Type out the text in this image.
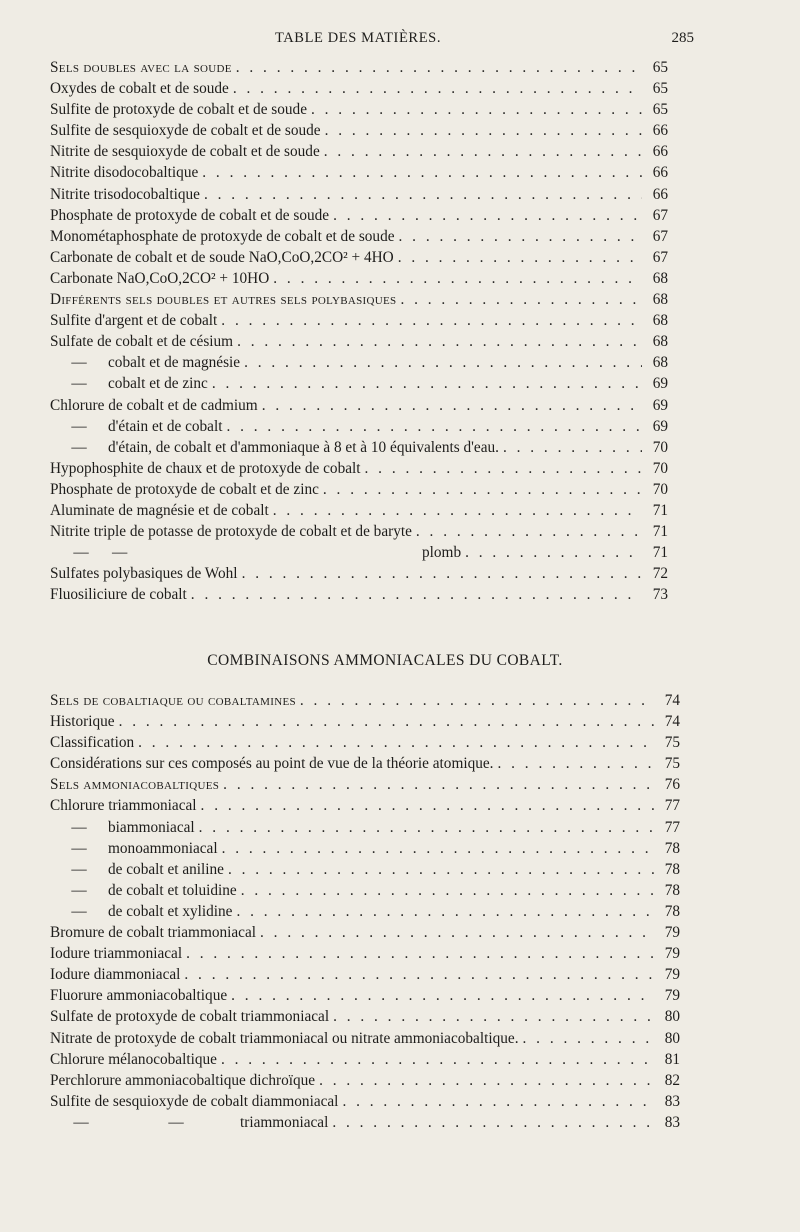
TABLE DES MATIÈRES.	285
Sels doubles avec la soude . . .	65
Oxydes de cobalt et de soude . . .	65
Sulfite de protoxyde de cobalt et de soude . . .	65
Sulfite de sesquioxyde de cobalt et de soude . . .	66
Nitrite de sesquioxyde de cobalt et de soude . . .	66
Nitrite disodocobaltique . . .	66
Nitrite trisodocobaltique . . .	66
Phosphate de protoxyde de cobalt et de soude . . .	67
Monométaphosphate de protoxyde de cobalt et de soude . . .	67
Carbonate de cobalt et de soude NaO,CoO,2CO² + 4HO . . .	67
Carbonate NaO,CoO,2CO² + 10HO . . .	68
Différents sels doubles et autres sels polybasiques . . .	68
Sulfite d'argent et de cobalt . . .	68
Sulfate de cobalt et de césium . . .	68
—	cobalt et de magnésie . . .	68
—	cobalt et de zinc . . .	69
Chlorure de cobalt et de cadmium . . .	69
—	d'étain et de cobalt . . .	69
—	d'étain, de cobalt et d'ammoniaque à 8 et à 10 équivalents d'eau. . . .	70
Hypophosphite de chaux et de protoxyde de cobalt . . .	70
Phosphate de protoxyde de cobalt et de zinc . . .	70
Aluminate de magnésie et de cobalt . . .	71
Nitrite triple de potasse de protoxyde de cobalt et de baryte . . .	71
—	—	plomb . . .	71
Sulfates polybasiques de Wohl . . .	72
Fluosiliciure de cobalt . . .	73
COMBINAISONS AMMONIACALES DU COBALT.
Sels de cobaltiaque ou cobaltamines . . .	74
Historique . . .	74
Classification . . .	75
Considérations sur ces composés au point de vue de la théorie atomique. . . .	75
Sels ammoniacobaltiques . . .	76
Chlorure triammoniacal . . .	77
—	biammoniacal . . .	77
—	monoammoniacal . . .	78
—	de cobalt et aniline . . .	78
—	de cobalt et toluidine . . .	78
—	de cobalt et xylidine . . .	78
Bromure de cobalt triammoniacal . . .	79
Iodure triammoniacal . . .	79
Iodure diammoniacal . . .	79
Fluorure ammoniacobaltique . . .	79
Sulfate de protoxyde de cobalt triammoniacal . . .	80
Nitrate de protoxyde de cobalt triammoniacal ou nitrate ammoniacobaltique. . . .	80
Chlorure mélanocobaltique . . .	81
Perchlorure ammoniacobaltique dichroïque . . .	82
Sulfite de sesquioxyde de cobalt diammoniacal . . .	83
—	—	triammoniacal . . .	83
